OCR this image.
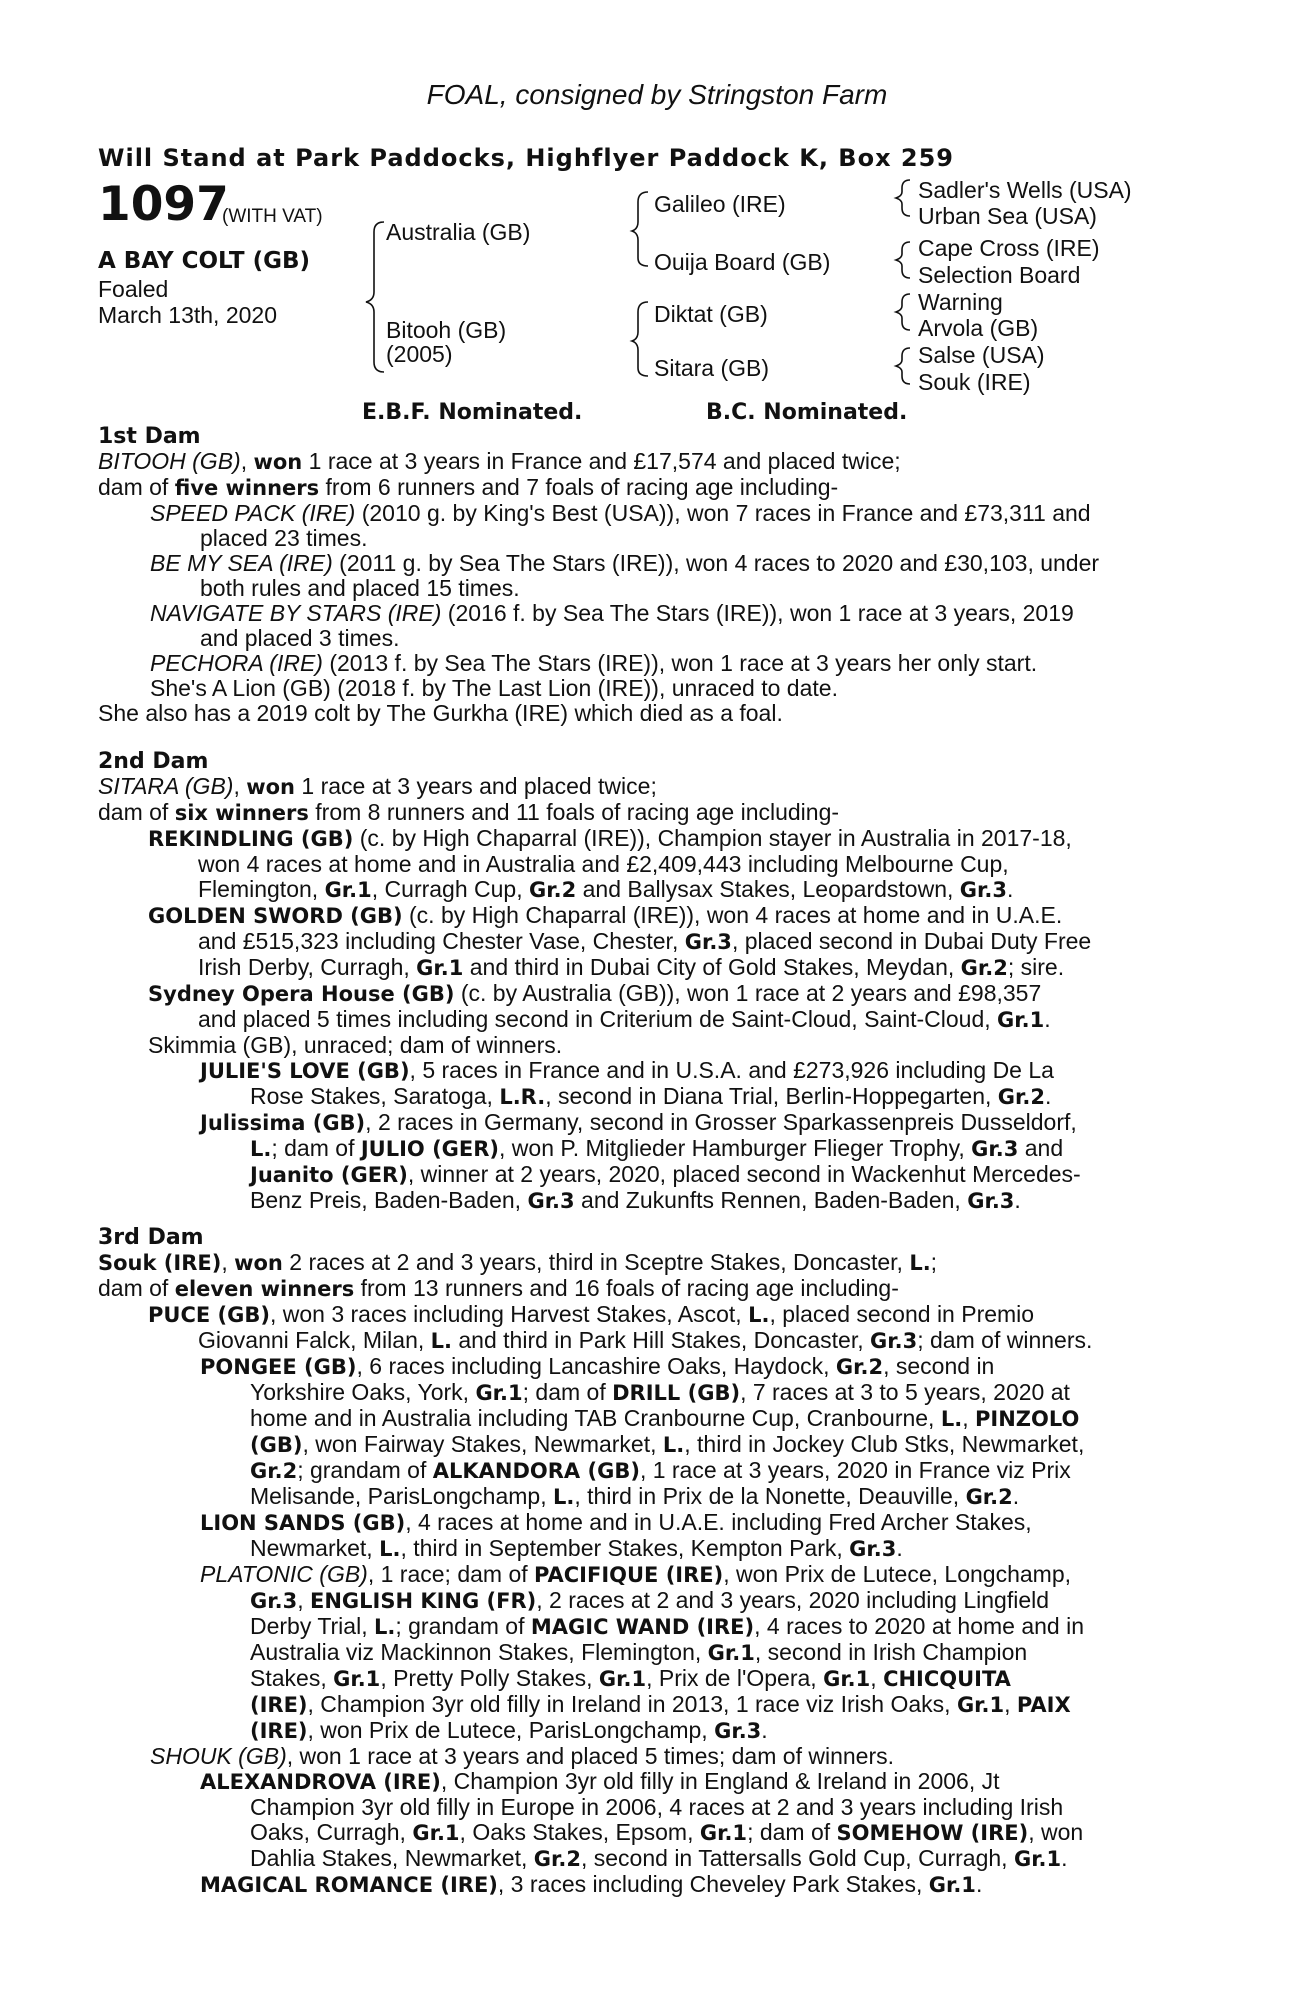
FOAL, consigned by Stringston Farm
Will Stand at Park Paddocks, Highflyer Paddock K, Box 259
1097
(WITH VAT)
A BAY COLT (GB)
Foaled
March 13th, 2020
Australia (GB)
Bitooh (GB)
(2005)
Galileo (IRE)
Ouija Board (GB)
Diktat (GB)
Sitara (GB)
Sadler's Wells (USA)
Urban Sea (USA)
Cape Cross (IRE)
Selection Board
Warning
Arvola (GB)
Salse (USA)
Souk (IRE)
E.B.F. Nominated.	B.C. Nominated.
1st Dam

BITOOH (GB), won 1 race at 3 years in France and £17,574 and placed twice;

dam of five winners from 6 runners and 7 foals of racing age including-

SPEED PACK (IRE) (2010 g. by King's Best (USA)), won 7 races in France and £73,311 and

placed 23 times.

BE MY SEA (IRE) (2011 g. by Sea The Stars (IRE)), won 4 races to 2020 and £30,103, under

both rules and placed 15 times.

NAVIGATE BY STARS (IRE) (2016 f. by Sea The Stars (IRE)), won 1 race at 3 years, 2019

and placed 3 times.

PECHORA (IRE) (2013 f. by Sea The Stars (IRE)), won 1 race at 3 years her only start.

She's A Lion (GB) (2018 f. by The Last Lion (IRE)), unraced to date.

She also has a 2019 colt by The Gurkha (IRE) which died as a foal.

2nd Dam

SITARA (GB), won 1 race at 3 years and placed twice;

dam of six winners from 8 runners and 11 foals of racing age including-

REKINDLING (GB) (c. by High Chaparral (IRE)), Champion stayer in Australia in 2017-18,

won 4 races at home and in Australia and £2,409,443 including Melbourne Cup,

Flemington, Gr.1, Curragh Cup, Gr.2 and Ballysax Stakes, Leopardstown, Gr.3.

GOLDEN SWORD (GB) (c. by High Chaparral (IRE)), won 4 races at home and in U.A.E.

and £515,323 including Chester Vase, Chester, Gr.3, placed second in Dubai Duty Free

Irish Derby, Curragh, Gr.1 and third in Dubai City of Gold Stakes, Meydan, Gr.2; sire.

Sydney Opera House (GB) (c. by Australia (GB)), won 1 race at 2 years and £98,357

and placed 5 times including second in Criterium de Saint-Cloud, Saint-Cloud, Gr.1.

Skimmia (GB), unraced; dam of winners.

JULIE'S LOVE (GB), 5 races in France and in U.S.A. and £273,926 including De La

Rose Stakes, Saratoga, L.R., second in Diana Trial, Berlin-Hoppegarten, Gr.2.

Julissima (GB), 2 races in Germany, second in Grosser Sparkassenpreis Dusseldorf,

L.; dam of JULIO (GER), won P. Mitglieder Hamburger Flieger Trophy, Gr.3 and

Juanito (GER), winner at 2 years, 2020, placed second in Wackenhut Mercedes-

Benz Preis, Baden-Baden, Gr.3 and Zukunfts Rennen, Baden-Baden, Gr.3.

3rd Dam

Souk (IRE), won 2 races at 2 and 3 years, third in Sceptre Stakes, Doncaster, L.;

dam of eleven winners from 13 runners and 16 foals of racing age including-

PUCE (GB), won 3 races including Harvest Stakes, Ascot, L., placed second in Premio

Giovanni Falck, Milan, L. and third in Park Hill Stakes, Doncaster, Gr.3; dam of winners.

PONGEE (GB), 6 races including Lancashire Oaks, Haydock, Gr.2, second in

Yorkshire Oaks, York, Gr.1; dam of DRILL (GB), 7 races at 3 to 5 years, 2020 at

home and in Australia including TAB Cranbourne Cup, Cranbourne, L., PINZOLO

(GB), won Fairway Stakes, Newmarket, L., third in Jockey Club Stks, Newmarket,

Gr.2; grandam of ALKANDORA (GB), 1 race at 3 years, 2020 in France viz Prix

Melisande, ParisLongchamp, L., third in Prix de la Nonette, Deauville, Gr.2.

LION SANDS (GB), 4 races at home and in U.A.E. including Fred Archer Stakes,

Newmarket, L., third in September Stakes, Kempton Park, Gr.3.

PLATONIC (GB), 1 race; dam of PACIFIQUE (IRE), won Prix de Lutece, Longchamp,

Gr.3, ENGLISH KING (FR), 2 races at 2 and 3 years, 2020 including Lingfield

Derby Trial, L.; grandam of MAGIC WAND (IRE), 4 races to 2020 at home and in

Australia viz Mackinnon Stakes, Flemington, Gr.1, second in Irish Champion

Stakes, Gr.1, Pretty Polly Stakes, Gr.1, Prix de l'Opera, Gr.1, CHICQUITA

(IRE), Champion 3yr old filly in Ireland in 2013, 1 race viz Irish Oaks, Gr.1, PAIX

(IRE), won Prix de Lutece, ParisLongchamp, Gr.3.

SHOUK (GB), won 1 race at 3 years and placed 5 times; dam of winners.

ALEXANDROVA (IRE), Champion 3yr old filly in England & Ireland in 2006, Jt

Champion 3yr old filly in Europe in 2006, 4 races at 2 and 3 years including Irish

Oaks, Curragh, Gr.1, Oaks Stakes, Epsom, Gr.1; dam of SOMEHOW (IRE), won

Dahlia Stakes, Newmarket, Gr.2, second in Tattersalls Gold Cup, Curragh, Gr.1.

MAGICAL ROMANCE (IRE), 3 races including Cheveley Park Stakes, Gr.1.
